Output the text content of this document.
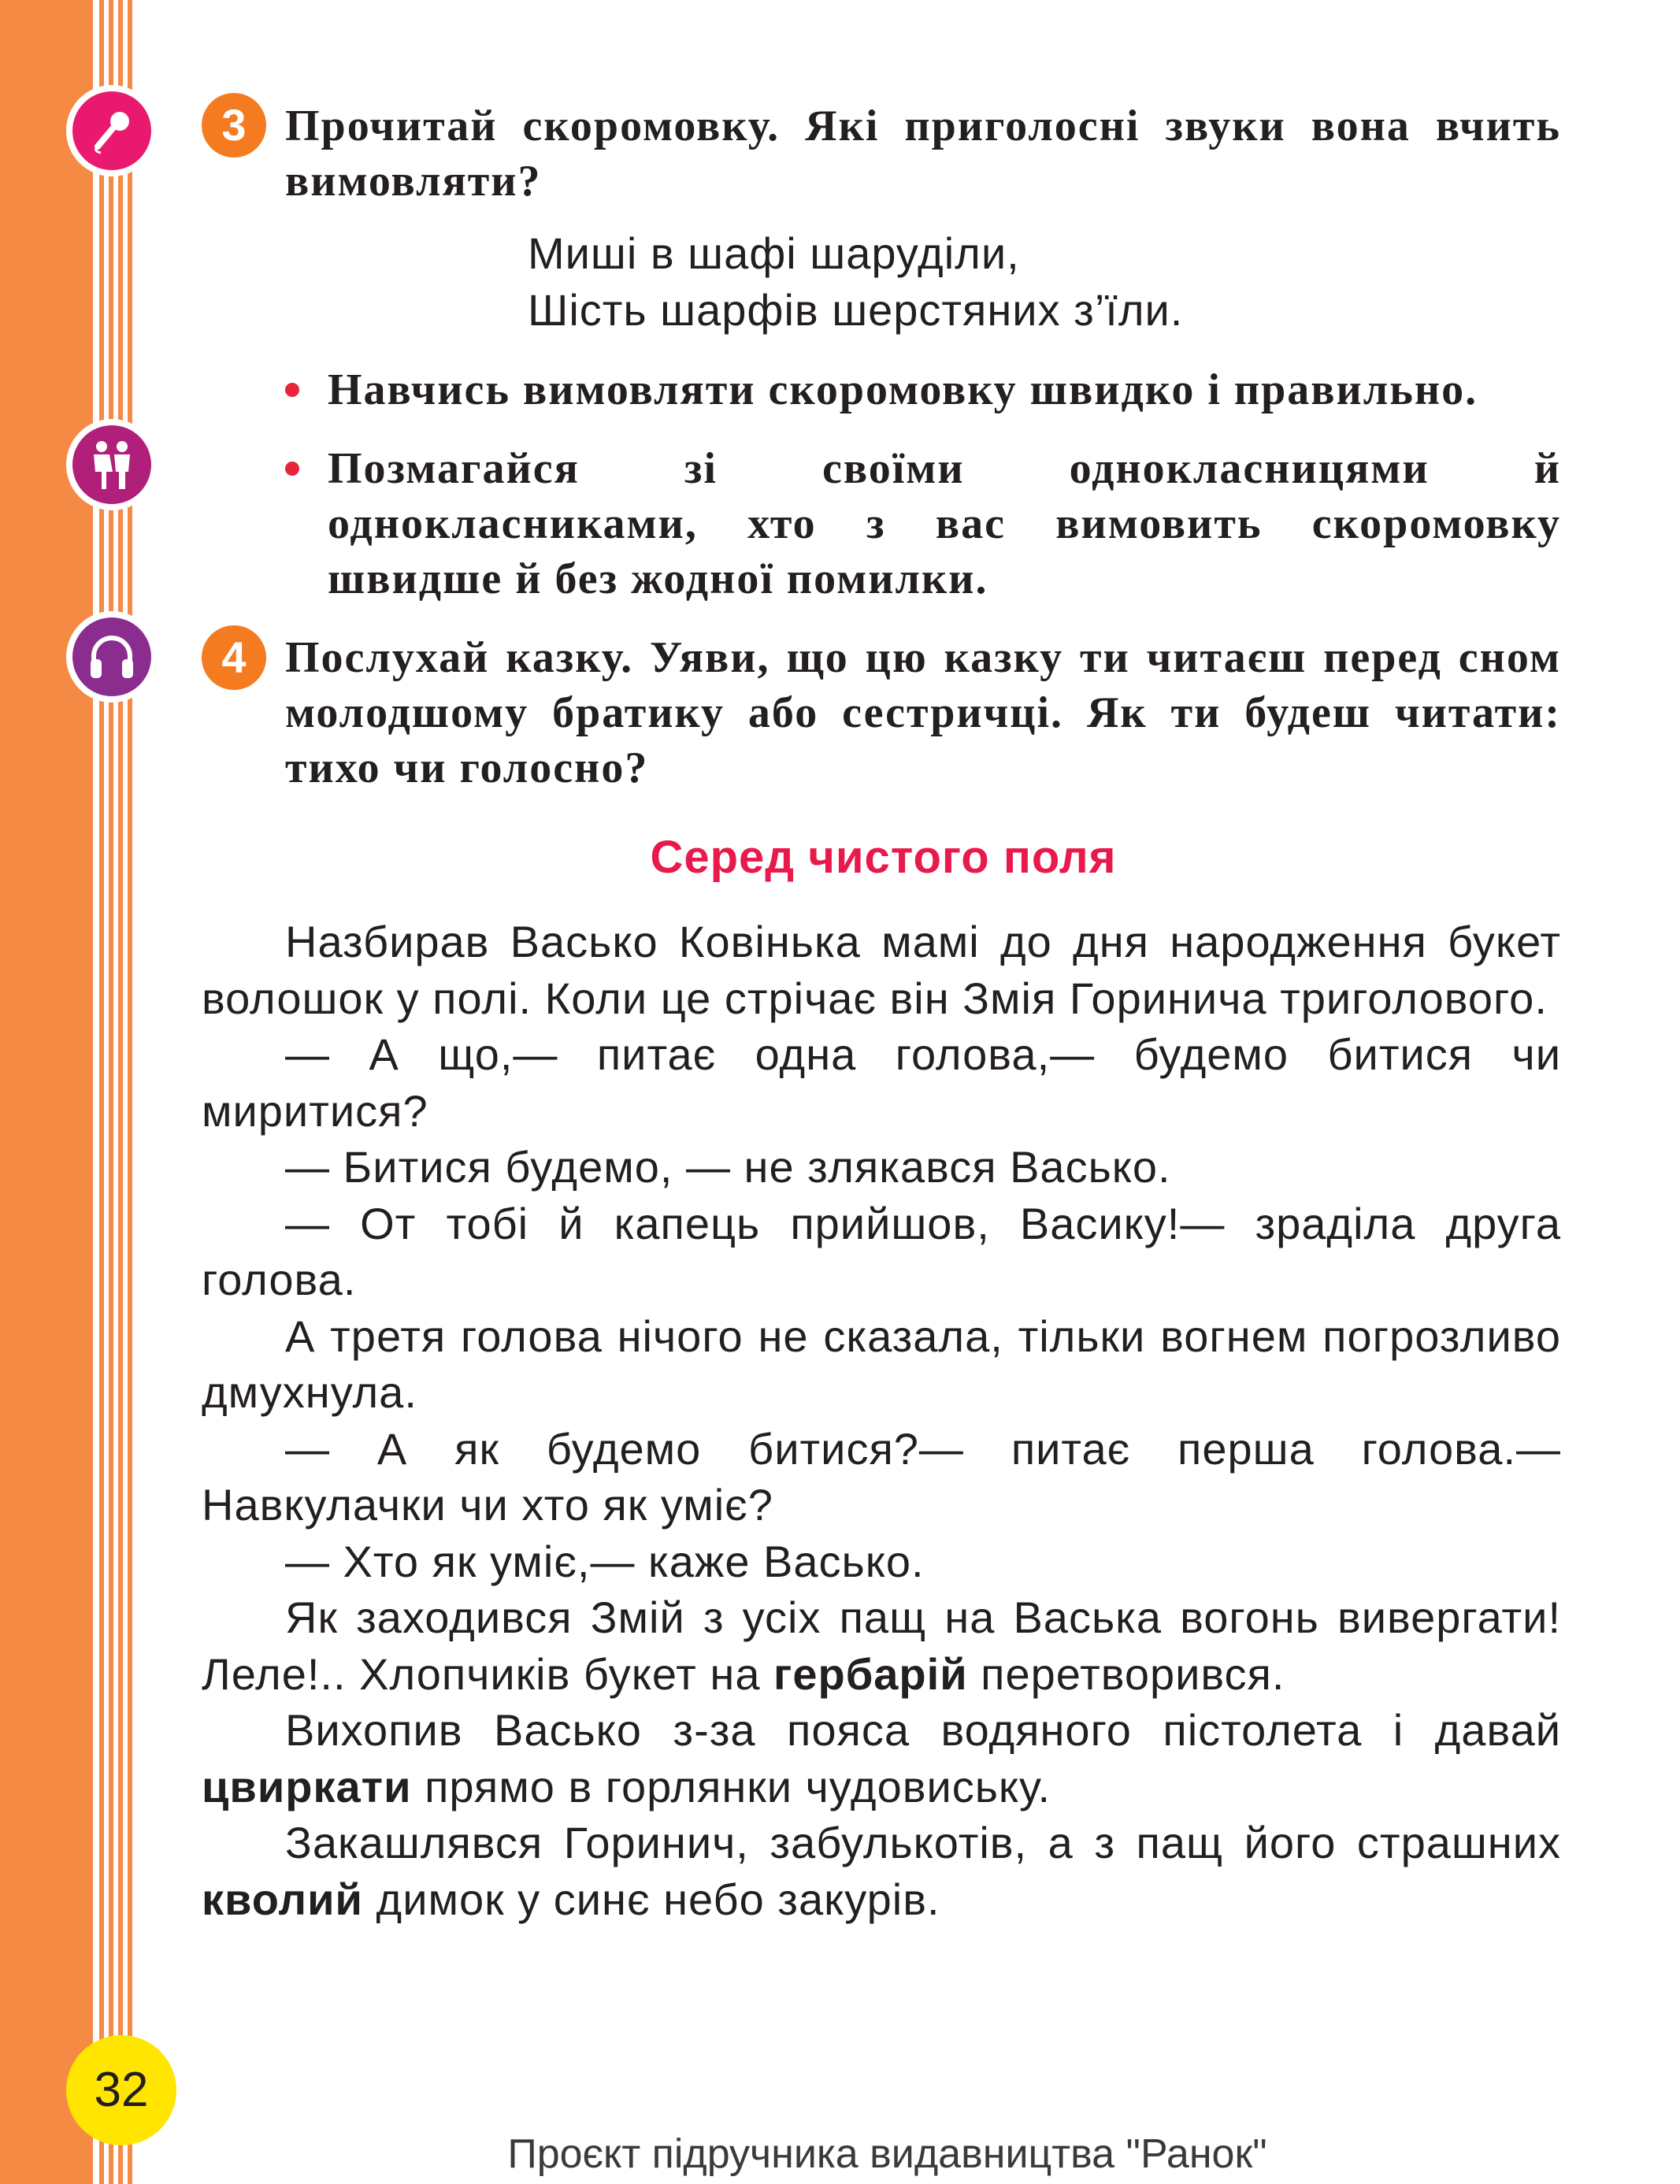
3 Прочитай скоромовку. Які приголосні звуки вона вчить вимовляти?
Миші в шафі шаруділи,
Шість шарфів шерстяних з’їли.
Навчись вимовляти скоромовку швидко і правильно.
Позмагайся зі своїми однокласницями й однокласниками, хто з вас вимовить скоромовку швидше й без жодної помилки.
4 Послухай казку. Уяви, що цю казку ти читаєш перед сном молодшому братику або сестричці. Як ти будеш читати: тихо чи голосно?
Серед чистого поля

Назбирав Васько Ковінька мамі до дня народження букет волошок у полі. Коли це стрічає він Змія Горинича триголового.

— А що,— питає одна голова,— будемо битися чи миритися?

— Битися будемо, — не злякався Васько.

— От тобі й капець прийшов, Васику!— зраділа друга голова.

А третя голова нічого не сказала, тільки вогнем погрозливо дмухнула.

— А як будемо битися?— питає перша голова.— Навкулачки чи хто як уміє?

— Хто як уміє,— каже Васько.

Як заходився Змій з усіх пащ на Васька вогонь вивергати! Леле!.. Хлопчиків букет на гербарій перетворився.

Вихопив Васько з-за пояса водяного пістолета і давай цвиркати прямо в горлянки чудовиську.

Закашлявся Горинич, забулькотів, а з пащ його страшних кволий димок у синє небо закурів.

32
Проєкт підручника видавництва "Ранок"
